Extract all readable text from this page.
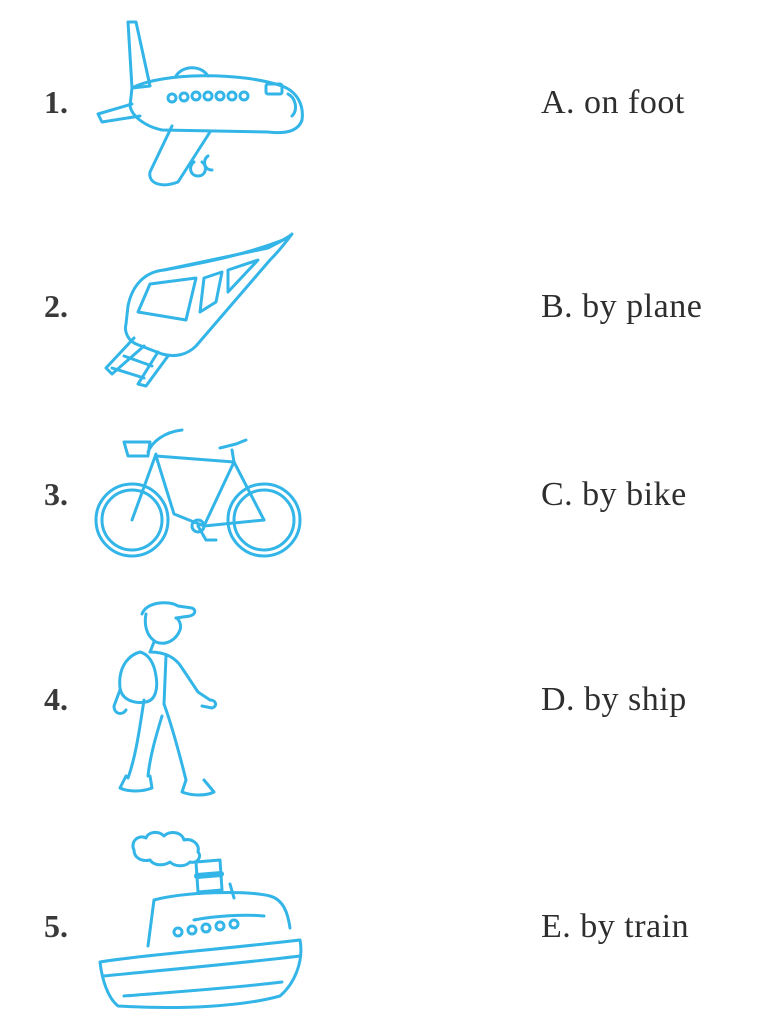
1.	A. on foot
2.	B. by plane
3.	C. by bike
4.	D. by ship
5.	E. by train
